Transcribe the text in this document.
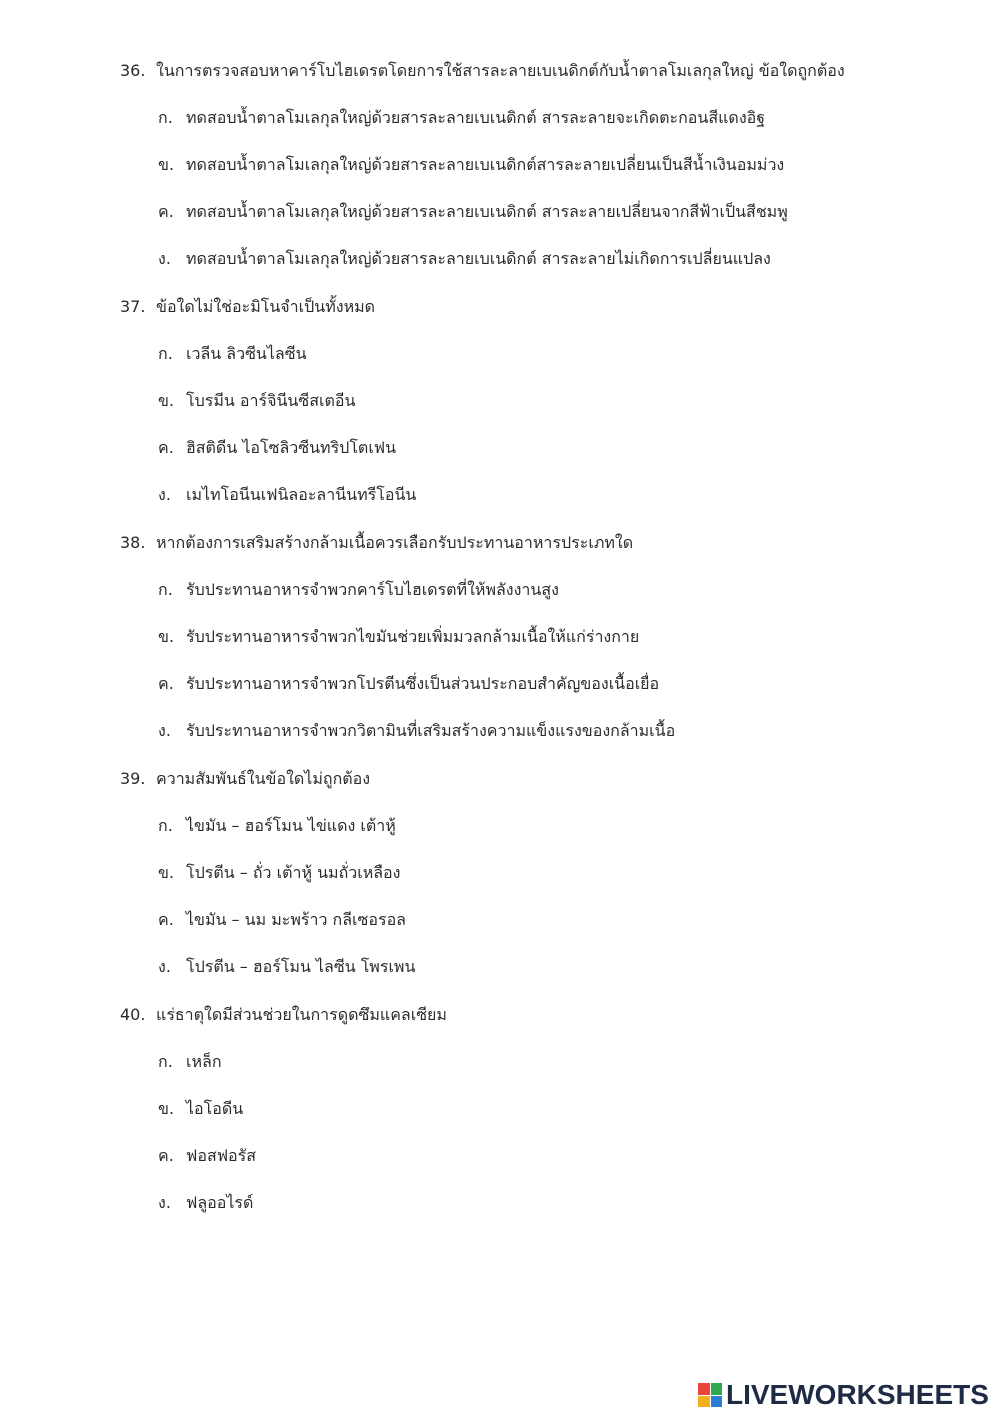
36. ในการตรวจสอบหาคาร์โบไฮเดรตโดยการใช้สารละลายเบเนดิกต์กับน้ำตาลโมเลกุลใหญ่ ข้อใดถูกต้อง
ก. ทดสอบน้ำตาลโมเลกุลใหญ่ด้วยสารละลายเบเนดิกต์ สารละลายจะเกิดตะกอนสีแดงอิฐ
ข. ทดสอบน้ำตาลโมเลกุลใหญ่ด้วยสารละลายเบเนดิกต์สารละลายเปลี่ยนเป็นสีน้ำเงินอมม่วง
ค. ทดสอบน้ำตาลโมเลกุลใหญ่ด้วยสารละลายเบเนดิกต์ สารละลายเปลี่ยนจากสีฟ้าเป็นสีชมพู
ง. ทดสอบน้ำตาลโมเลกุลใหญ่ด้วยสารละลายเบเนดิกต์ สารละลายไม่เกิดการเปลี่ยนแปลง
37. ข้อใดไม่ใช่อะมิโนจำเป็นทั้งหมด
ก. เวลีน ลิวซีนไลซีน
ข. โบรมีน อาร์จินีนซีสเตอีน
ค. ฮิสติดีน ไอโซลิวซีนทริปโตเฟน
ง. เมไทโอนีนเฟนิลอะลานีนทรีโอนีน
38. หากต้องการเสริมสร้างกล้ามเนื้อควรเลือกรับประทานอาหารประเภทใด
ก. รับประทานอาหารจำพวกคาร์โบไฮเดรตที่ให้พลังงานสูง
ข. รับประทานอาหารจำพวกไขมันช่วยเพิ่มมวลกล้ามเนื้อให้แก่ร่างกาย
ค. รับประทานอาหารจำพวกโปรตีนซึ่งเป็นส่วนประกอบสำคัญของเนื้อเยื่อ
ง. รับประทานอาหารจำพวกวิตามินที่เสริมสร้างความแข็งแรงของกล้ามเนื้อ
39. ความสัมพันธ์ในข้อใดไม่ถูกต้อง
ก. ไขมัน – ฮอร์โมน ไข่แดง เต้าหู้
ข. โปรตีน – ถั่ว เต้าหู้ นมถั่วเหลือง
ค. ไขมัน – นม มะพร้าว กลีเซอรอล
ง. โปรตีน – ฮอร์โมน ไลซีน โพรเพน
40. แร่ธาตุใดมีส่วนช่วยในการดูดซึมแคลเซียม
ก. เหล็ก
ข. ไอโอดีน
ค. ฟอสฟอรัส
ง. ฟลูออไรด์
LIVEWORKSHEETS
